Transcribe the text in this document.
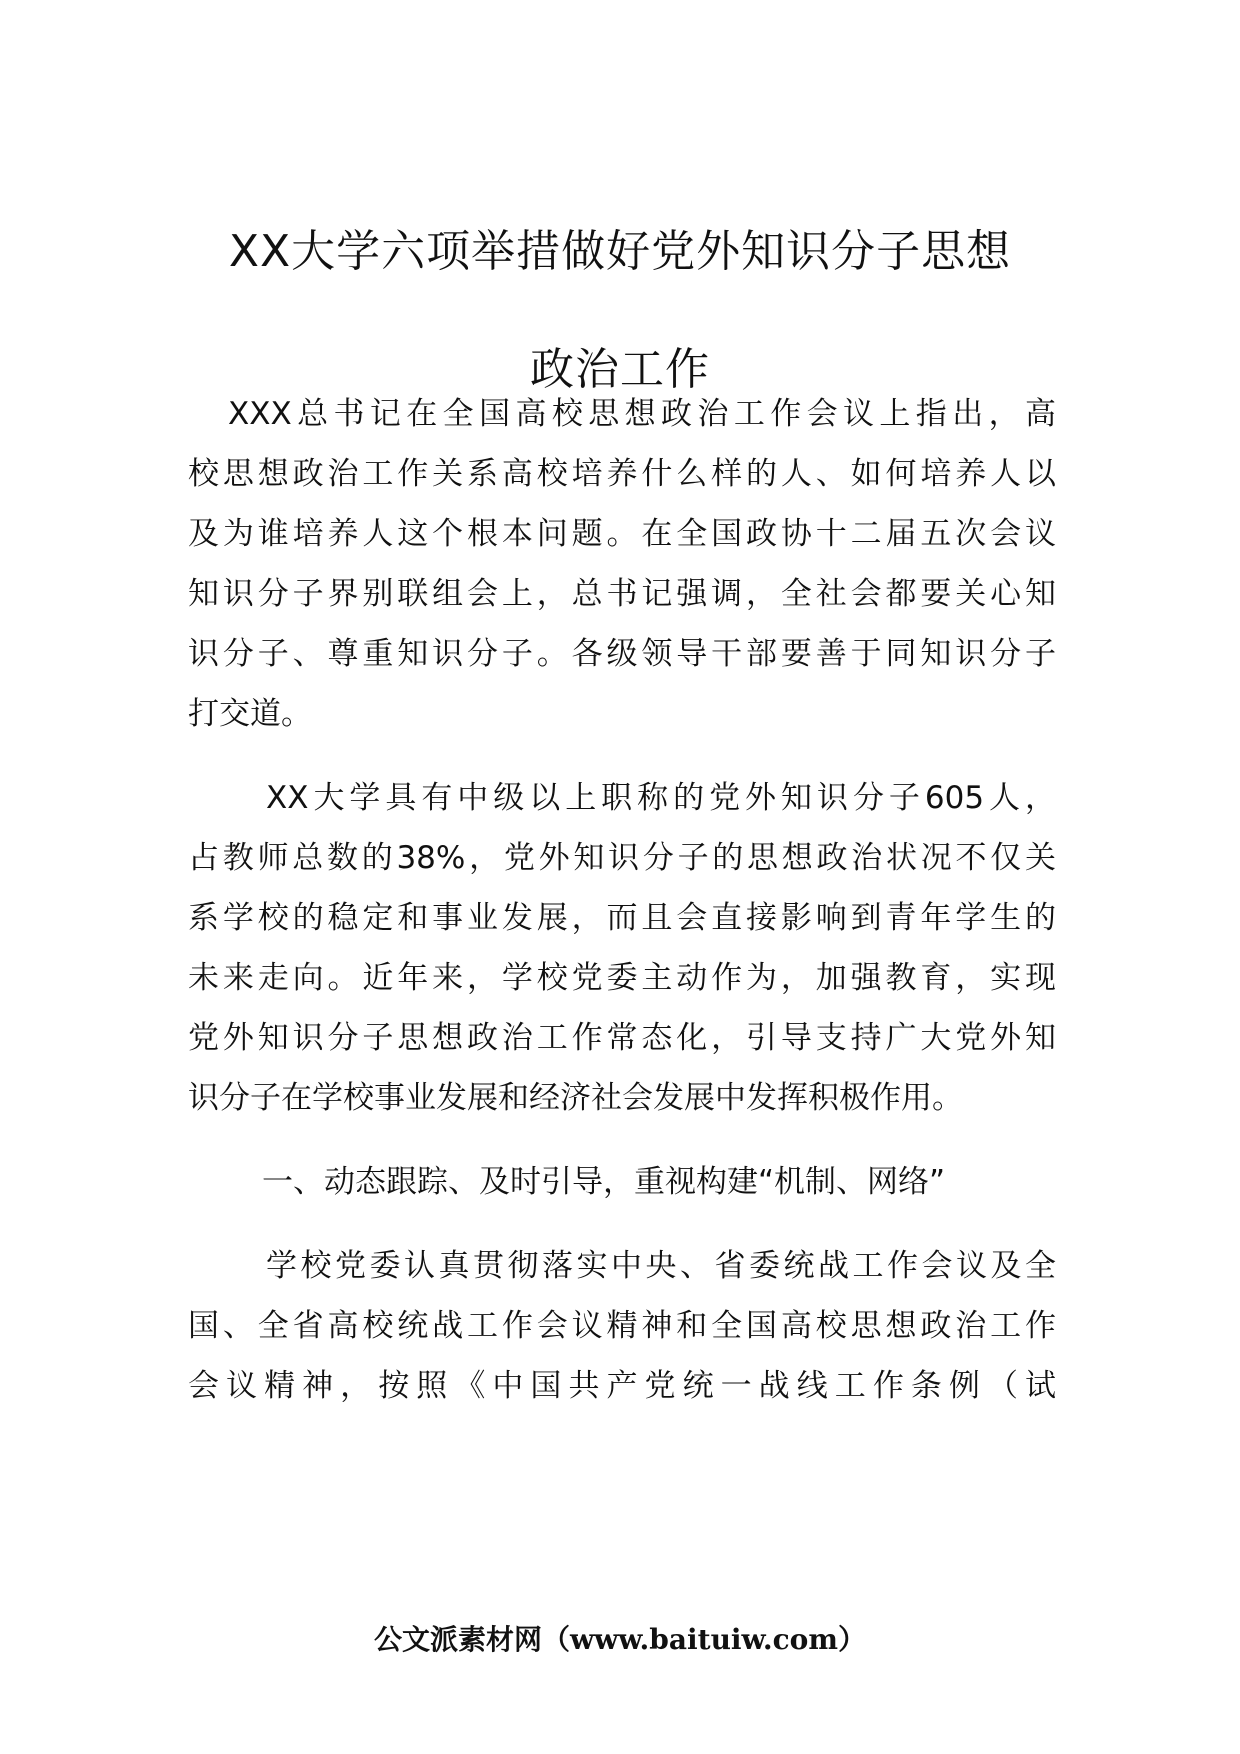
XX大学六项举措做好党外知识分子思想
政治工作
XXX总书记在全国高校思想政治工作会议上指出，高
校思想政治工作关系高校培养什么样的人、如何培养人以
及为谁培养人这个根本问题。在全国政协十二届五次会议
知识分子界别联组会上，总书记强调，全社会都要关心知
识分子、尊重知识分子。各级领导干部要善于同知识分子
打交道。
XX大学具有中级以上职称的党外知识分子605人，
占教师总数的38%，党外知识分子的思想政治状况不仅关
系学校的稳定和事业发展，而且会直接影响到青年学生的
未来走向。近年来，学校党委主动作为，加强教育，实现
党外知识分子思想政治工作常态化，引导支持广大党外知
识分子在学校事业发展和经济社会发展中发挥积极作用。
一、动态跟踪、及时引导，重视构建“机制、网络”
学校党委认真贯彻落实中央、省委统战工作会议及全
国、全省高校统战工作会议精神和全国高校思想政治工作
会议精神，按照《中国共产党统一战线工作条例（试
公文派素材网（www.baituiw.com）
